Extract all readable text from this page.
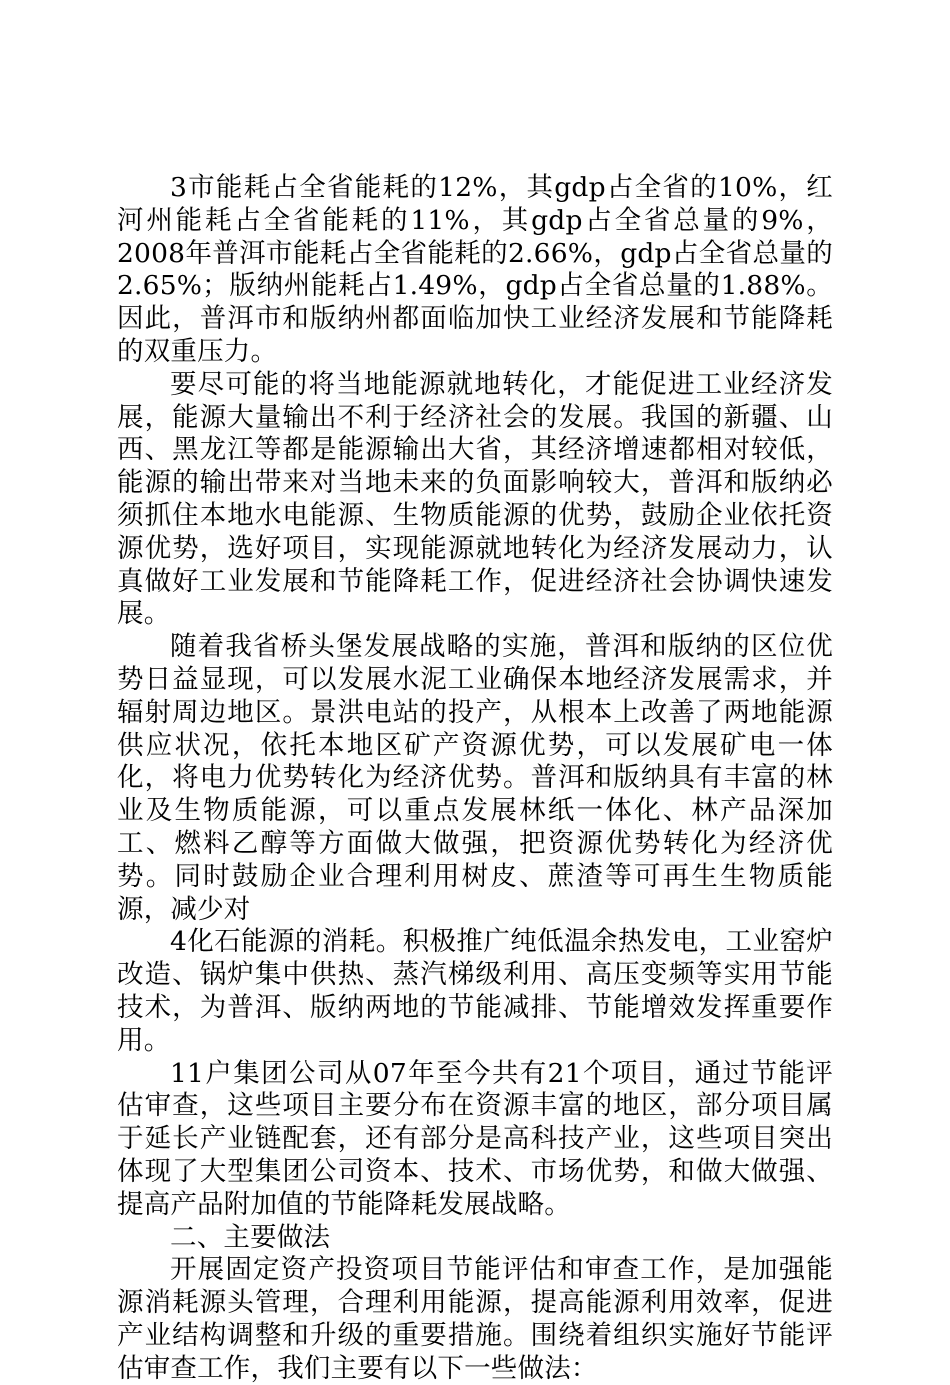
3市能耗占全省能耗的12%，其gdp占全省的10%，红河州能耗占全省能耗的11%，其gdp占全省总量的9%，2008年普洱市能耗占全省能耗的2.66%，gdp占全省总量的2.65%；版纳州能耗占1.49%，gdp占全省总量的1.88%。因此，普洱市和版纳州都面临加快工业经济发展和节能降耗的双重压力。

要尽可能的将当地能源就地转化，才能促进工业经济发展，能源大量输出不利于经济社会的发展。我国的新疆、山西、黑龙江等都是能源输出大省，其经济增速都相对较低，能源的输出带来对当地未来的负面影响较大，普洱和版纳必须抓住本地水电能源、生物质能源的优势，鼓励企业依托资源优势，选好项目，实现能源就地转化为经济发展动力，认真做好工业发展和节能降耗工作，促进经济社会协调快速发展。

随着我省桥头堡发展战略的实施，普洱和版纳的区位优势日益显现，可以发展水泥工业确保本地经济发展需求，并辐射周边地区。景洪电站的投产，从根本上改善了两地能源供应状况，依托本地区矿产资源优势，可以发展矿电一体化，将电力优势转化为经济优势。普洱和版纳具有丰富的林业及生物质能源，可以重点发展林纸一体化、林产品深加工、燃料乙醇等方面做大做强，把资源优势转化为经济优势。同时鼓励企业合理利用树皮、蔗渣等可再生生物质能源，减少对

4化石能源的消耗。积极推广纯低温余热发电，工业窑炉改造、锅炉集中供热、蒸汽梯级利用、高压变频等实用节能技术，为普洱、版纳两地的节能减排、节能增效发挥重要作用。

11户集团公司从07年至今共有21个项目，通过节能评估审查，这些项目主要分布在资源丰富的地区，部分项目属于延长产业链配套，还有部分是高科技产业，这些项目突出体现了大型集团公司资本、技术、市场优势，和做大做强、提高产品附加值的节能降耗发展战略。

二、主要做法

开展固定资产投资项目节能评估和审查工作，是加强能源消耗源头管理，合理利用能源，提高能源利用效率，促进产业结构调整和升级的重要措施。围绕着组织实施好节能评估审查工作，我们主要有以下一些做法：
